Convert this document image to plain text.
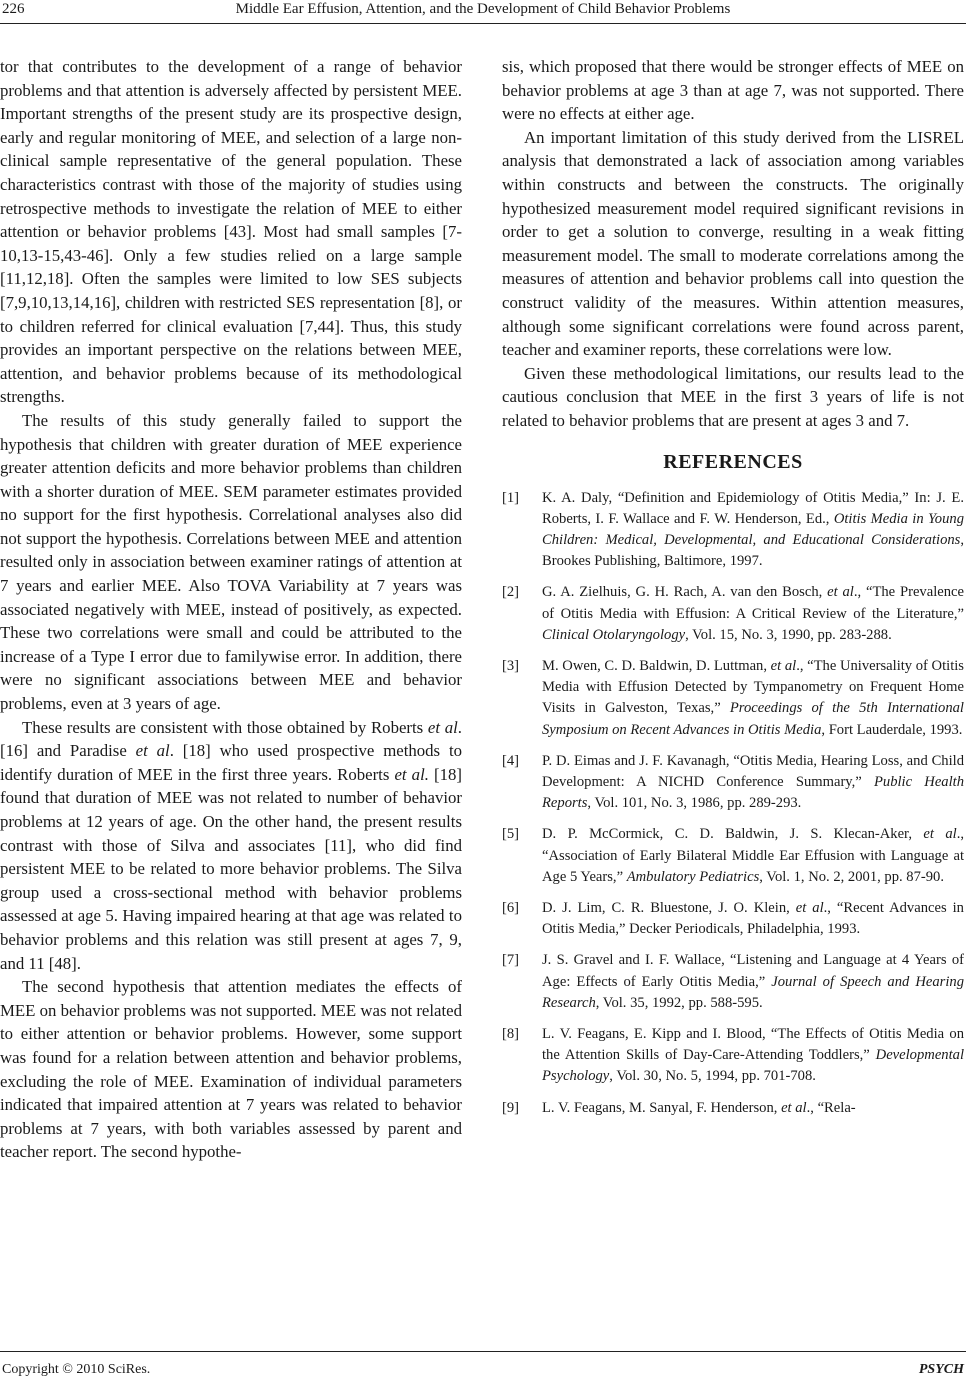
226	Middle Ear Effusion, Attention, and the Development of Child Behavior Problems

tor that contributes to the development of a range of behavior problems and that attention is adversely affected by persistent MEE. Important strengths of the present study are its prospective design, early and regular monitoring of MEE, and selection of a large non-clinical sample representative of the general population. These characteristics contrast with those of the majority of studies using retrospective methods to investigate the relation of MEE to either attention or behavior problems [43]. Most had small samples [7-10,13-15,43-46]. Only a few studies relied on a large sample [11,12,18]. Often the samples were limited to low SES subjects [7,9,10,13,14,16], children with restricted SES representation [8], or to children referred for clinical evaluation [7,44]. Thus, this study provides an important perspective on the relations between MEE, attention, and behavior problems because of its methodological strengths.

The results of this study generally failed to support the hypothesis that children with greater duration of MEE experience greater attention deficits and more behavior problems than children with a shorter duration of MEE. SEM parameter estimates provided no support for the first hypothesis. Correlational analyses also did not support the hypothesis. Correlations between MEE and attention resulted only in association between examiner ratings of attention at 7 years and earlier MEE. Also TOVA Variability at 7 years was associated negatively with MEE, instead of positively, as expected. These two correlations were small and could be attributed to the increase of a Type I error due to familywise error. In addition, there were no significant associations between MEE and behavior problems, even at 3 years of age.

These results are consistent with those obtained by Roberts et al. [16] and Paradise et al. [18] who used prospective methods to identify duration of MEE in the first three years. Roberts et al. [18] found that duration of MEE was not related to number of behavior problems at 12 years of age. On the other hand, the present results contrast with those of Silva and associates [11], who did find persistent MEE to be related to more behavior problems. The Silva group used a cross-sectional method with behavior problems assessed at age 5. Having impaired hearing at that age was related to behavior problems and this relation was still present at ages 7, 9, and 11 [48].

The second hypothesis that attention mediates the effects of MEE on behavior problems was not supported. MEE was not related to either attention or behavior problems. However, some support was found for a relation between attention and behavior problems, excluding the role of MEE. Examination of individual parameters indicated that impaired attention at 7 years was related to behavior problems at 7 years, with both variables assessed by parent and teacher report. The second hypothe-

sis, which proposed that there would be stronger effects of MEE on behavior problems at age 3 than at age 7, was not supported. There were no effects at either age.

An important limitation of this study derived from the LISREL analysis that demonstrated a lack of association among variables within constructs and between the constructs. The originally hypothesized measurement model required significant revisions in order to get a solution to converge, resulting in a weak fitting measurement model. The small to moderate correlations among the measures of attention and behavior problems call into question the construct validity of the measures. Within attention measures, although some significant correlations were found across parent, teacher and examiner reports, these correlations were low.

Given these methodological limitations, our results lead to the cautious conclusion that MEE in the first 3 years of life is not related to behavior problems that are present at ages 3 and 7.

REFERENCES
[1] K. A. Daly, “Definition and Epidemiology of Otitis Media,” In: J. E. Roberts, I. F. Wallace and F. W. Henderson, Ed., Otitis Media in Young Children: Medical, Developmental, and Educational Considerations, Brookes Publishing, Baltimore, 1997.
[2] G. A. Zielhuis, G. H. Rach, A. van den Bosch, et al., “The Prevalence of Otitis Media with Effusion: A Critical Review of the Literature,” Clinical Otolaryngology, Vol. 15, No. 3, 1990, pp. 283-288.
[3] M. Owen, C. D. Baldwin, D. Luttman, et al., “The Universality of Otitis Media with Effusion Detected by Tympanometry on Frequent Home Visits in Galveston, Texas,” Proceedings of the 5th International Symposium on Recent Advances in Otitis Media, Fort Lauderdale, 1993.
[4] P. D. Eimas and J. F. Kavanagh, “Otitis Media, Hearing Loss, and Child Development: A NICHD Conference Summary,” Public Health Reports, Vol. 101, No. 3, 1986, pp. 289-293.
[5] D. P. McCormick, C. D. Baldwin, J. S. Klecan-Aker, et al., “Association of Early Bilateral Middle Ear Effusion with Language at Age 5 Years,” Ambulatory Pediatrics, Vol. 1, No. 2, 2001, pp. 87-90.
[6] D. J. Lim, C. R. Bluestone, J. O. Klein, et al., “Recent Advances in Otitis Media,” Decker Periodicals, Philadelphia, 1993.
[7] J. S. Gravel and I. F. Wallace, “Listening and Language at 4 Years of Age: Effects of Early Otitis Media,” Journal of Speech and Hearing Research, Vol. 35, 1992, pp. 588-595.
[8] L. V. Feagans, E. Kipp and I. Blood, “The Effects of Otitis Media on the Attention Skills of Day-Care-Attending Toddlers,” Developmental Psychology, Vol. 30, No. 5, 1994, pp. 701-708.
[9] L. V. Feagans, M. Sanyal, F. Henderson, et al., “Rela-
Copyright © 2010 SciRes.	PSYCH
